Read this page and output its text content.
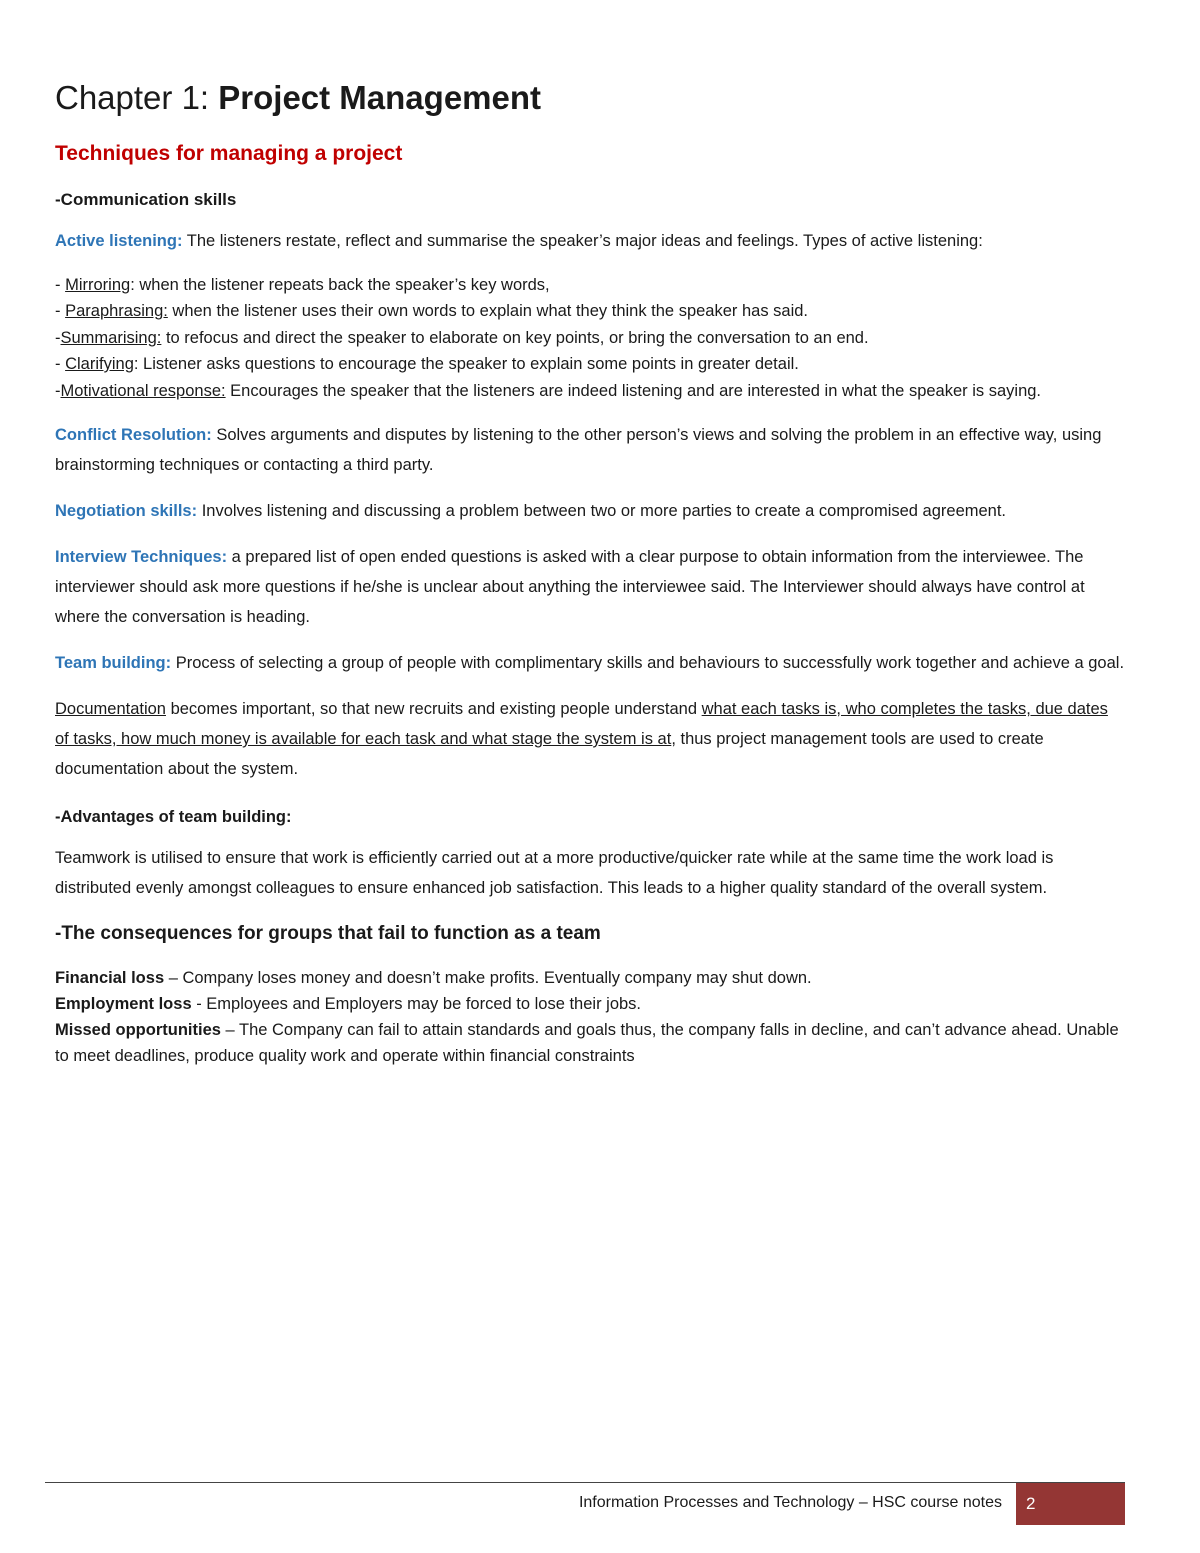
Chapter 1: Project Management
Techniques for managing a project
-Communication skills

Active listening: The listeners restate, reflect and summarise the speaker’s major ideas and feelings. Types of active listening:

- Mirroring: when the listener repeats back the speaker’s key words,
- Paraphrasing: when the listener uses their own words to explain what they think the speaker has said.
-Summarising: to refocus and direct the speaker to elaborate on key points, or bring the conversation to an end.
- Clarifying: Listener asks questions to encourage the speaker to explain some points in greater detail.
-Motivational response: Encourages the speaker that the listeners are indeed listening and are interested in what the speaker is saying.

Conflict Resolution: Solves arguments and disputes by listening to the other person’s views and solving the problem in an effective way, using brainstorming techniques or contacting a third party.

Negotiation skills: Involves listening and discussing a problem between two or more parties to create a compromised agreement.

Interview Techniques: a prepared list of open ended questions is asked with a clear purpose to obtain information from the interviewee. The interviewer should ask more questions if he/she is unclear about anything the interviewee said. The Interviewer should always have control at where the conversation is heading.

Team building: Process of selecting a group of people with complimentary skills and behaviours to successfully work together and achieve a goal.

Documentation becomes important, so that new recruits and existing people understand what each tasks is, who completes the tasks, due dates of tasks, how much money is available for each task and what stage the system is at, thus project management tools are used to create documentation about the system.

-Advantages of team building:

Teamwork is utilised to ensure that work is efficiently carried out at a more productive/quicker rate while at the same time the work load is distributed evenly amongst colleagues to ensure enhanced job satisfaction. This leads to a higher quality standard of the overall system.

-The consequences for groups that fail to function as a team
Financial loss – Company loses money and doesn’t make profits. Eventually company may shut down.
Employment loss - Employees and Employers may be forced to lose their jobs.
Missed opportunities – The Company can fail to attain standards and goals thus, the company falls in decline, and can’t advance ahead. Unable to meet deadlines, produce quality work and operate within financial constraints
Information Processes and Technology – HSC course notes	2
